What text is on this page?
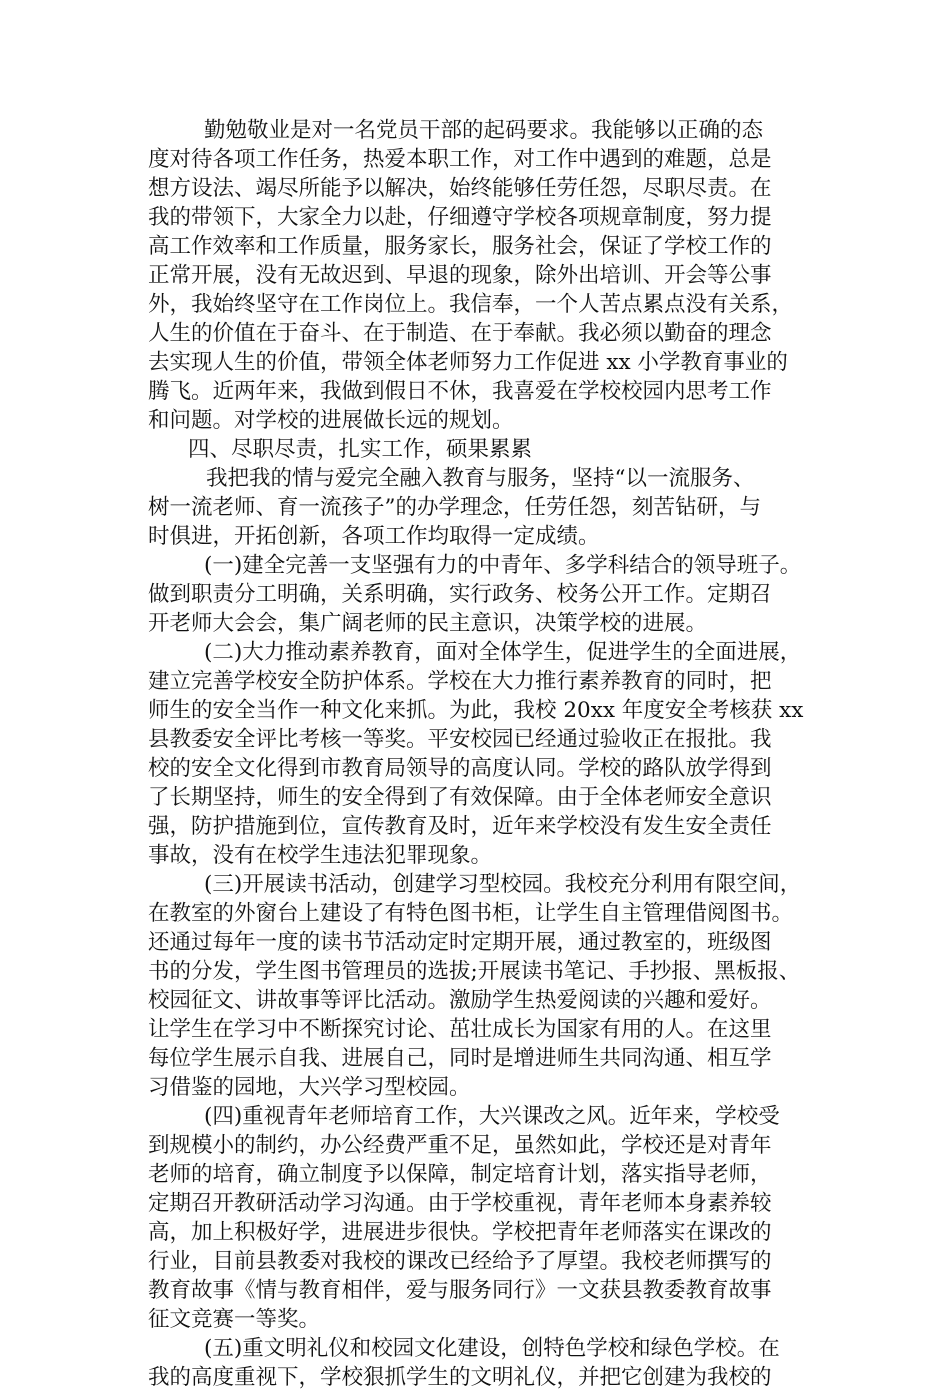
勤勉敬业是对一名党员干部的起码要求。我能够以正确的态
度对待各项工作任务，热爱本职工作，对工作中遇到的难题，总是
想方设法、竭尽所能予以解决，始终能够任劳任怨，尽职尽责。在
我的带领下，大家全力以赴，仔细遵守学校各项规章制度，努力提
高工作效率和工作质量，服务家长，服务社会，保证了学校工作的
正常开展，没有无故迟到、早退的现象，除外出培训、开会等公事
外，我始终坚守在工作岗位上。我信奉，一个人苦点累点没有关系，
人生的价值在于奋斗、在于制造、在于奉献。我必须以勤奋的理念
去实现人生的价值，带领全体老师努力工作促进 xx 小学教育事业的
腾飞。近两年来，我做到假日不休，我喜爱在学校校园内思考工作
和问题。对学校的进展做长远的规划。
四、尽职尽责，扎实工作，硕果累累
我把我的情与爱完全融入教育与服务，坚持“以一流服务、
树一流老师、育一流孩子”的办学理念，任劳任怨，刻苦钻研，与
时俱进，开拓创新，各项工作均取得一定成绩。
(一)建全完善一支坚强有力的中青年、多学科结合的领导班子。
做到职责分工明确，关系明确，实行政务、校务公开工作。定期召
开老师大会会，集广阔老师的民主意识，决策学校的进展。
(二)大力推动素养教育，面对全体学生，促进学生的全面进展，
建立完善学校安全防护体系。学校在大力推行素养教育的同时，把
师生的安全当作一种文化来抓。为此，我校 20xx 年度安全考核获 xx
县教委安全评比考核一等奖。平安校园已经通过验收正在报批。我
校的安全文化得到市教育局领导的高度认同。学校的路队放学得到
了长期坚持，师生的安全得到了有效保障。由于全体老师安全意识
强，防护措施到位，宣传教育及时，近年来学校没有发生安全责任
事故，没有在校学生违法犯罪现象。
(三)开展读书活动，创建学习型校园。我校充分利用有限空间，
在教室的外窗台上建设了有特色图书柜，让学生自主管理借阅图书。
还通过每年一度的读书节活动定时定期开展，通过教室的，班级图
书的分发，学生图书管理员的选拔;开展读书笔记、手抄报、黑板报、
校园征文、讲故事等评比活动。激励学生热爱阅读的兴趣和爱好。
让学生在学习中不断探究讨论、茁壮成长为国家有用的人。在这里
每位学生展示自我、进展自己，同时是增进师生共同沟通、相互学
习借鉴的园地，大兴学习型校园。
(四)重视青年老师培育工作，大兴课改之风。近年来，学校受
到规模小的制约，办公经费严重不足，虽然如此，学校还是对青年
老师的培育，确立制度予以保障，制定培育计划，落实指导老师，
定期召开教研活动学习沟通。由于学校重视，青年老师本身素养较
高，加上积极好学，进展进步很快。学校把青年老师落实在课改的
行业，目前县教委对我校的课改已经给予了厚望。我校老师撰写的
教育故事《情与教育相伴，爱与服务同行》一文获县教委教育故事
征文竞赛一等奖。
(五)重文明礼仪和校园文化建设，创特色学校和绿色学校。在
我的高度重视下，学校狠抓学生的文明礼仪，并把它创建为我校的
